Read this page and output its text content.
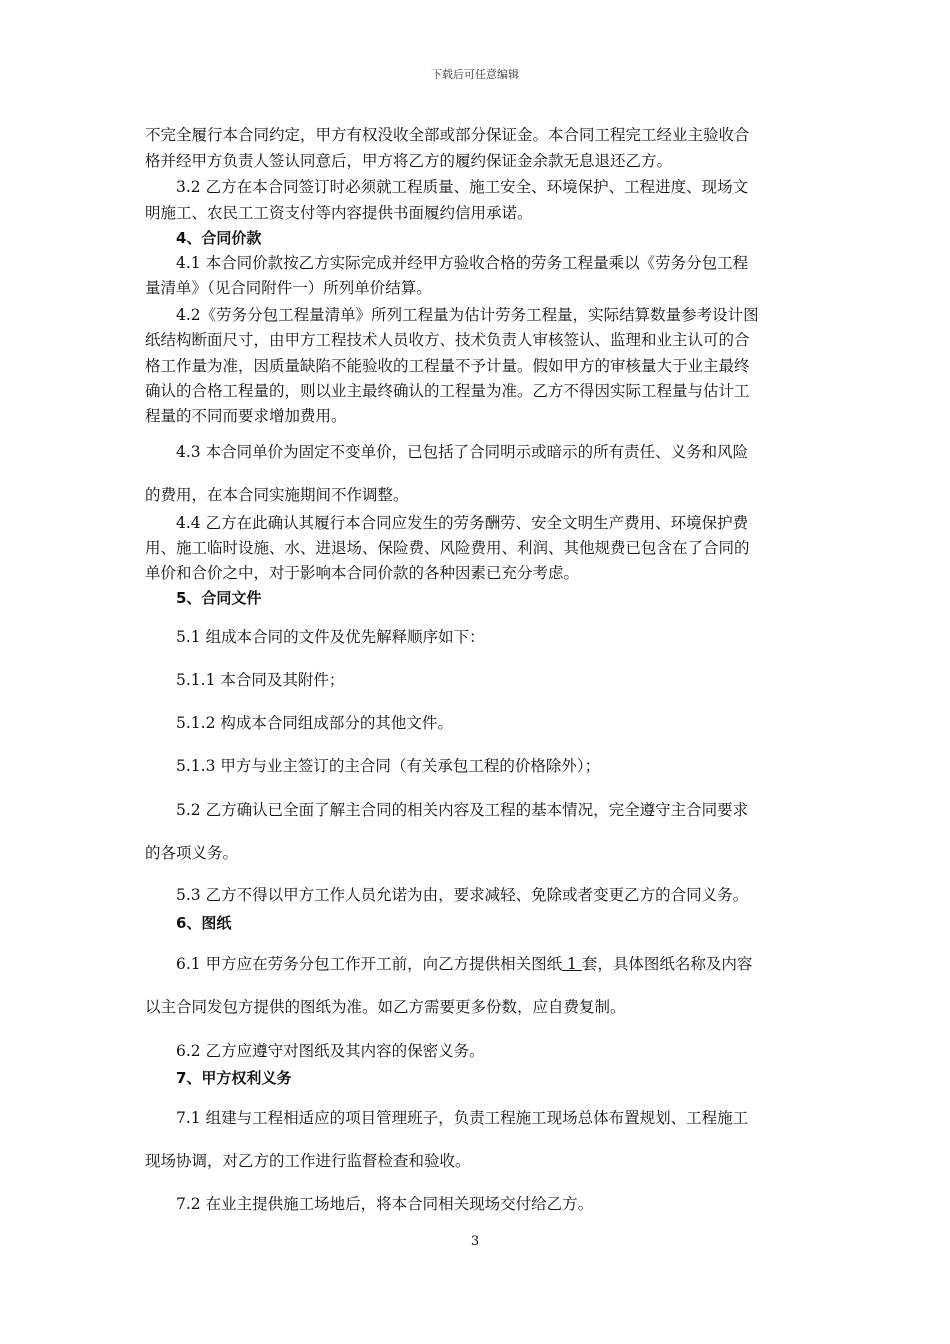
下载后可任意编辑
不完全履行本合同约定，甲方有权没收全部或部分保证金。本合同工程完工经业主验收合
格并经甲方负责人签认同意后，甲方将乙方的履约保证金余款无息退还乙方。
3.2 乙方在本合同签订时必须就工程质量、施工安全、环境保护、工程进度、现场文
明施工、农民工工资支付等内容提供书面履约信用承诺。
4、合同价款
4.1 本合同价款按乙方实际完成并经甲方验收合格的劳务工程量乘以《劳务分包工程
量清单》（见合同附件一）所列单价结算。
4.2《劳务分包工程量清单》所列工程量为估计劳务工程量，实际结算数量参考设计图
纸结构断面尺寸，由甲方工程技术人员收方、技术负责人审核签认、监理和业主认可的合
格工作量为准，因质量缺陷不能验收的工程量不予计量。假如甲方的审核量大于业主最终
确认的合格工程量的，则以业主最终确认的工程量为准。乙方不得因实际工程量与估计工
程量的不同而要求增加费用。
4.3 本合同单价为固定不变单价，已包括了合同明示或暗示的所有责任、义务和风险
的费用，在本合同实施期间不作调整。
4.4 乙方在此确认其履行本合同应发生的劳务酬劳、安全文明生产费用、环境保护费
用、施工临时设施、水、进退场、保险费、风险费用、利润、其他规费已包含在了合同的
单价和合价之中，对于影响本合同价款的各种因素已充分考虑。
5、合同文件
5.1 组成本合同的文件及优先解释顺序如下：
5.1.1 本合同及其附件；
5.1.2 构成本合同组成部分的其他文件。
5.1.3 甲方与业主签订的主合同（有关承包工程的价格除外）；
5.2 乙方确认已全面了解主合同的相关内容及工程的基本情况，完全遵守主合同要求
的各项义务。
5.3 乙方不得以甲方工作人员允诺为由，要求减轻、免除或者变更乙方的合同义务。
6、图纸
6.1 甲方应在劳务分包工作开工前，向乙方提供相关图纸 1 套，具体图纸名称及内容
以主合同发包方提供的图纸为准。如乙方需要更多份数，应自费复制。
6.2 乙方应遵守对图纸及其内容的保密义务。
7、甲方权利义务
7.1 组建与工程相适应的项目管理班子，负责工程施工现场总体布置规划、工程施工
现场协调，对乙方的工作进行监督检查和验收。
7.2 在业主提供施工场地后，将本合同相关现场交付给乙方。
3
